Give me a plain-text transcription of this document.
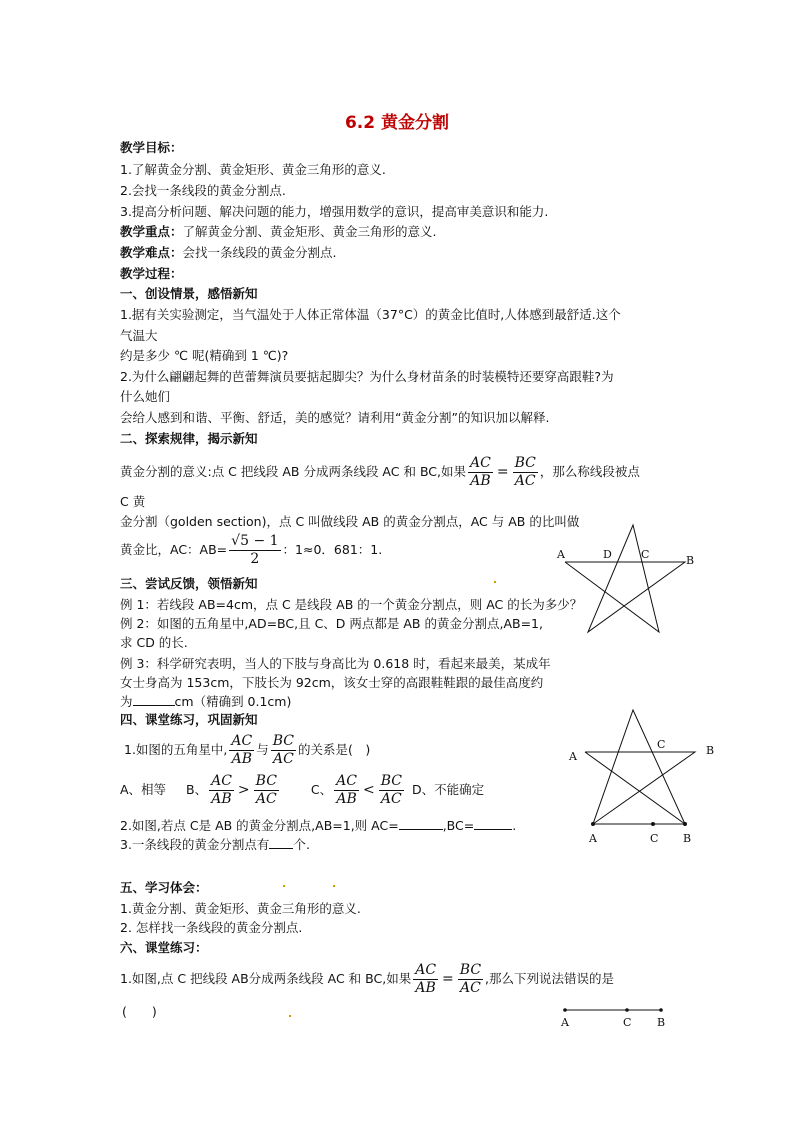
6.2 黄金分割
教学目标：
1.了解黄金分割、黄金矩形、黄金三角形的意义.
2.会找一条线段的黄金分割点.
3.提高分析问题、解决问题的能力，增强用数学的意识，提高审美意识和能力.
教学重点：了解黄金分割、黄金矩形、黄金三角形的意义.
教学难点：会找一条线段的黄金分割点.
教学过程：
一、创设情景，感悟新知
1.据有关实验测定，当气温处于人体正常体温（37°C）的黄金比值时,人体感到最舒适.这个
气温大
约是多少 ℃ 呢(精确到 1 ℃)?
2.为什么翩翩起舞的芭蕾舞演员要掂起脚尖？为什么身材苗条的时装模特还要穿高跟鞋?为
什么她们
会给人感到和谐、平衡、舒适，美的感觉？请利用“黄金分割”的知识加以解释.
二、探索规律，揭示新知
黄金分割的意义:点 C 把线段 AB 分成两条线段 AC 和 BC,如果 $\frac{AC}{AB} = \frac{BC}{AC}$ ，那么称线段被点
C 黄
金分割（golden section)，点 C 叫做线段 AB 的黄金分割点，AC 与 AB 的比叫做
黄金比，AC：$AB= \frac{√5 - 1}{2}$ ：1≈0．681：1.
三、尝试反馈，领悟新知
例 1：若线段 AB=4cm，点 C 是线段 AB 的一个黄金分割点，则 AC 的长为多少？
例 2：如图的五角星中,AD=BC,且 C、D 两点都是 AB 的黄金分割点,AB=1,
求 CD 的长.
例 3：科学研究表明，当人的下肢与身高比为 0.618 时，看起来最美，某成年
女士身高为 153cm，下肢长为 92cm，该女士穿的高跟鞋鞋跟的最佳高度约
为	cm（精确到 0.1cm)
四、课堂练习，巩固新知
1.如图的五角星中, $\frac{AC}{AB}$ 与 $\frac{BC}{AC}$ 的关系是(　)
A、相等	B、 $\frac{AC}{AB} > \frac{BC}{AC}$	C、 $\frac{AC}{AB} < \frac{BC}{AC}$ D、不能确定
2.如图,若点 C是 AB 的黄金分割点,AB=1,则 AC=	,BC=	.
3.一条线段的黄金分割点有 个.
五、学习体会：
1.黄金分割、黄金矩形、黄金三角形的意义.
2. 怎样找一条线段的黄金分割点.
六、课堂练习：
1.如图,点 C 把线段 AB分成两条线段 AC 和 BC,如果 $\frac{AC}{AB} = \frac{BC}{AC}$ ,那么下列说法错误的是
(　　)
A	D	C	B
A
C	B
A	C B
A	C B
